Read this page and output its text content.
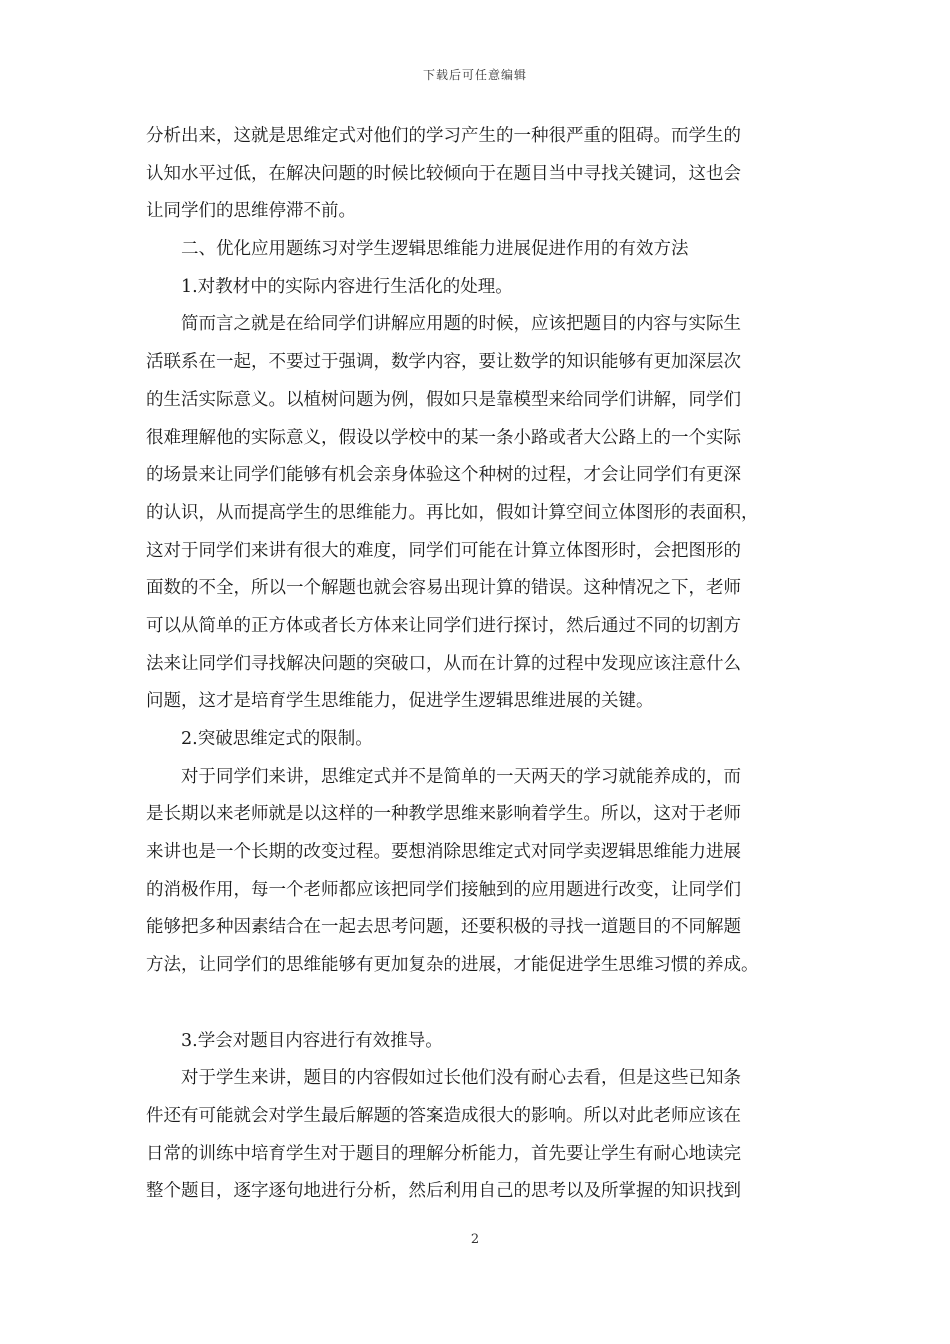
下载后可任意编辑
分析出来，这就是思维定式对他们的学习产生的一种很严重的阻碍。而学生的
认知水平过低，在解决问题的时候比较倾向于在题目当中寻找关键词，这也会
让同学们的思维停滞不前。
二、优化应用题练习对学生逻辑思维能力进展促进作用的有效方法
1.对教材中的实际内容进行生活化的处理。
简而言之就是在给同学们讲解应用题的时候，应该把题目的内容与实际生
活联系在一起，不要过于强调，数学内容，要让数学的知识能够有更加深层次
的生活实际意义。以植树问题为例，假如只是靠模型来给同学们讲解，同学们
很难理解他的实际意义，假设以学校中的某一条小路或者大公路上的一个实际
的场景来让同学们能够有机会亲身体验这个种树的过程，才会让同学们有更深
的认识，从而提高学生的思维能力。再比如，假如计算空间立体图形的表面积，
这对于同学们来讲有很大的难度，同学们可能在计算立体图形时，会把图形的
面数的不全，所以一个解题也就会容易出现计算的错误。这种情况之下，老师
可以从简单的正方体或者长方体来让同学们进行探讨，然后通过不同的切割方
法来让同学们寻找解决问题的突破口，从而在计算的过程中发现应该注意什么
问题，这才是培育学生思维能力，促进学生逻辑思维进展的关键。
2.突破思维定式的限制。
对于同学们来讲，思维定式并不是简单的一天两天的学习就能养成的，而
是长期以来老师就是以这样的一种教学思维来影响着学生。所以，这对于老师
来讲也是一个长期的改变过程。要想消除思维定式对同学卖逻辑思维能力进展
的消极作用，每一个老师都应该把同学们接触到的应用题进行改变，让同学们
能够把多种因素结合在一起去思考问题，还要积极的寻找一道题目的不同解题
方法，让同学们的思维能够有更加复杂的进展，才能促进学生思维习惯的养成。
3.学会对题目内容进行有效推导。
对于学生来讲，题目的内容假如过长他们没有耐心去看，但是这些已知条
件还有可能就会对学生最后解题的答案造成很大的影响。所以对此老师应该在
日常的训练中培育学生对于题目的理解分析能力，首先要让学生有耐心地读完
整个题目，逐字逐句地进行分析，然后利用自己的思考以及所掌握的知识找到
2
